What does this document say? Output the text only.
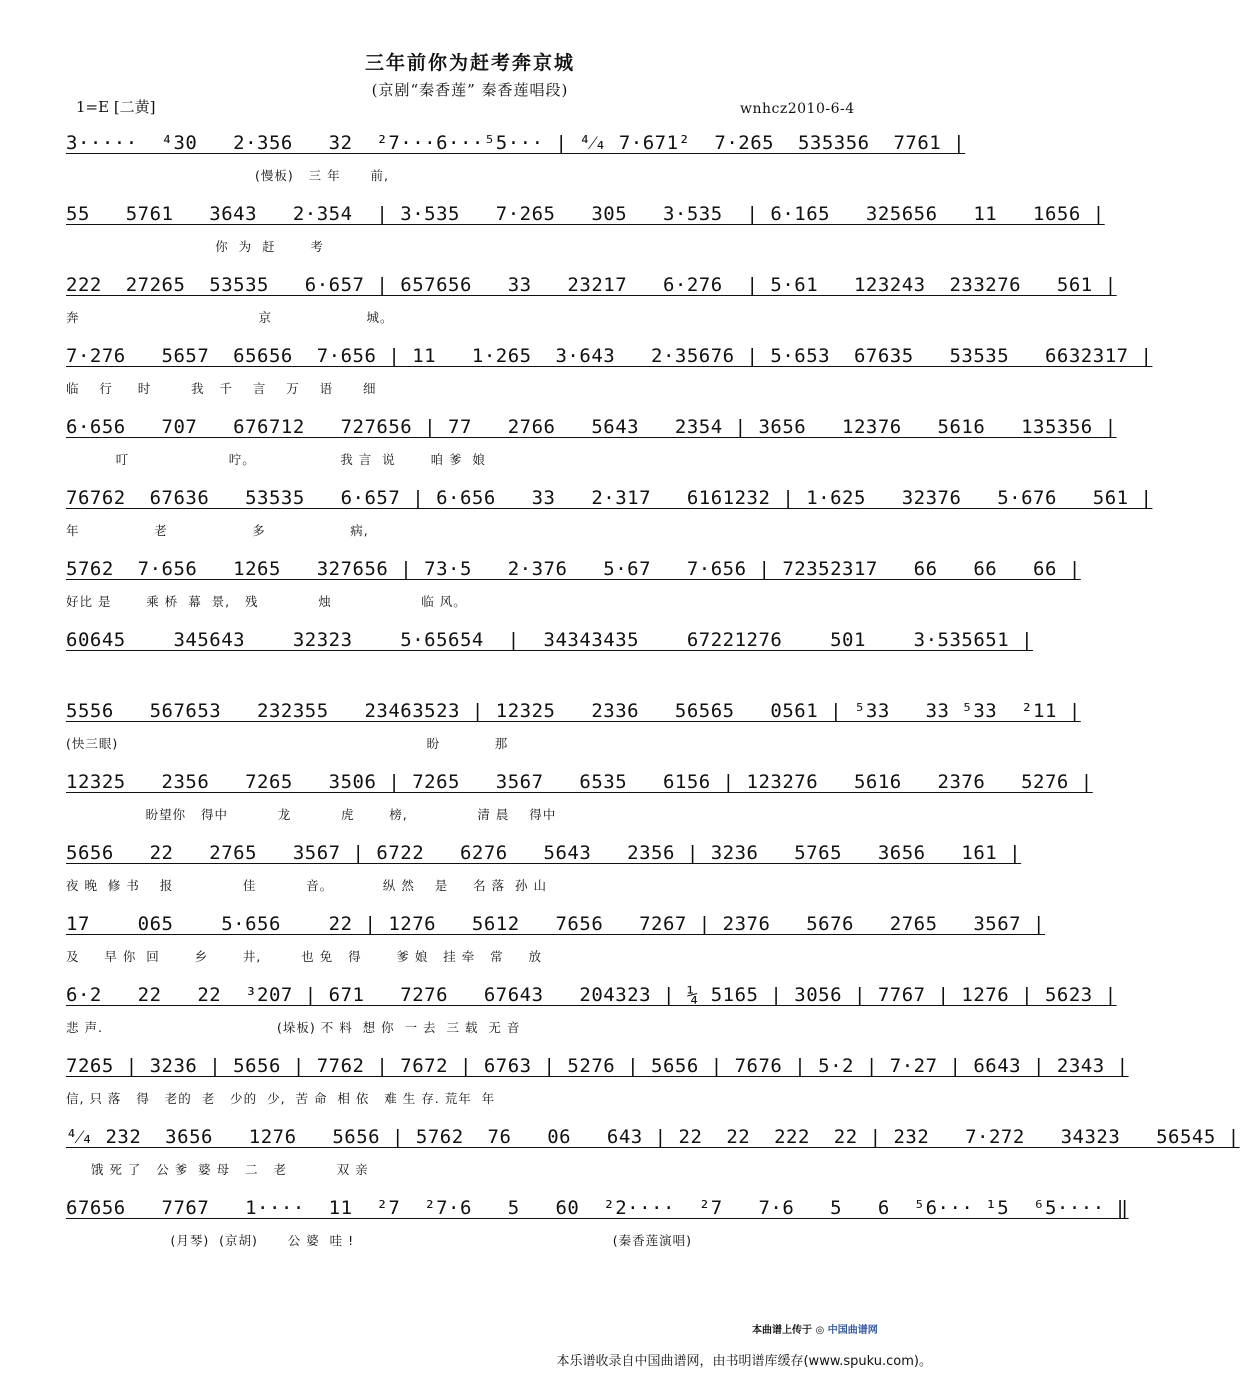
三年前你为赶考奔京城
(京剧“秦香莲” 秦香莲唱段)
1=E [二黄]	wnhcz2010-6-4
3·····  ⁴30   2·356   32  ²7···6···⁵5··· | ⁴⁄₄ 7·671²  7·265  535356  7761 |
(慢板)   三 年      前,
55   5761   3643   2·354  | 3·535   7·265   305   3·535  | 6·165   325656   11   1656 |
你  为  赶       考
222  27265  53535   6·657 | 657656   33   23217   6·276  | 5·61   123243  233276   561 |
奔                                    京                   城。
7·276   5657  65656  7·656 | 11   1·265  3·643   2·35676 | 5·653  67635   53535   6632317 |
临    行     时        我   千    言    万    语      细
6·656   707   676712   727656 | 77   2766   5643   2354 | 3656   12376   5616   135356 |
叮                    咛。                 我 言  说       咱 爹  娘
76762  67636   53535   6·657 | 6·656   33   2·317   6161232 | 1·625   32376   5·676   561 |
年               老                 多                 病,
5762  7·656   1265   327656 | 73·5   2·376   5·67   7·656 | 72352317   66   66   66 |
好比 是       乘 桥  幕  景,   残            烛                  临 风。
60645    345643    32323    5·65654  |  34343435    67221276    501    3·535651 |
5556   567653   232355   23463523 | 12325   2336   56565   0561 | ⁵33   33 ⁵33  ²11 |
(快三眼)                                                              盼           那
12325   2356   7265   3506 | 7265   3567   6535   6156 | 123276   5616   2376   5276 |
盼望你   得中          龙          虎       榜,              清 晨    得中
5656   22   2765   3567 | 6722   6276   5643   2356 | 3236   5765   3656   161 |
夜 晚  修 书    报              佳          音。          纵 然    是     名 落  孙 山
17    065    5·656    22 | 1276   5612   7656   7267 | 2376   5676   2765   3567 |
及     早 你  回       乡       井,        也 免   得       爹 娘   挂 牵   常     放
6·2   22   22  ³207 | 671   7276   67643   204323 | ¼ 5165 | 3056 | 7767 | 1276 | 5623 |
悲 声.                                   (垛板) 不 料  想 你  一 去  三 载  无 音
7265 | 3236 | 5656 | 7762 | 7672 | 6763 | 5276 | 5656 | 7676 | 5·2 | 7·27 | 6643 | 2343 |
信, 只 落   得   老的  老   少的  少,  苦 命  相 依   难 生 存. 荒年  年
⁴⁄₄ 232  3656   1276   5656 | 5762  76   06   643 | 22  22  222  22 | 232   7·272   34323   56545 |
饿 死 了   公 爹  婆 母   二   老          双 亲
67656   7767   1····  11  ²7  ²7·6   5   60  ²2····  ²7   7·6   5   6  ⁵6··· ¹5  ⁶5···· ‖
(月琴)  (京胡)      公 婆  哇 !                                                    (秦香莲演唱)
本曲谱上传于 ◎ 中国曲谱网
本乐谱收录自中国曲谱网，由书明谱库缓存(www.spuku.com)。
